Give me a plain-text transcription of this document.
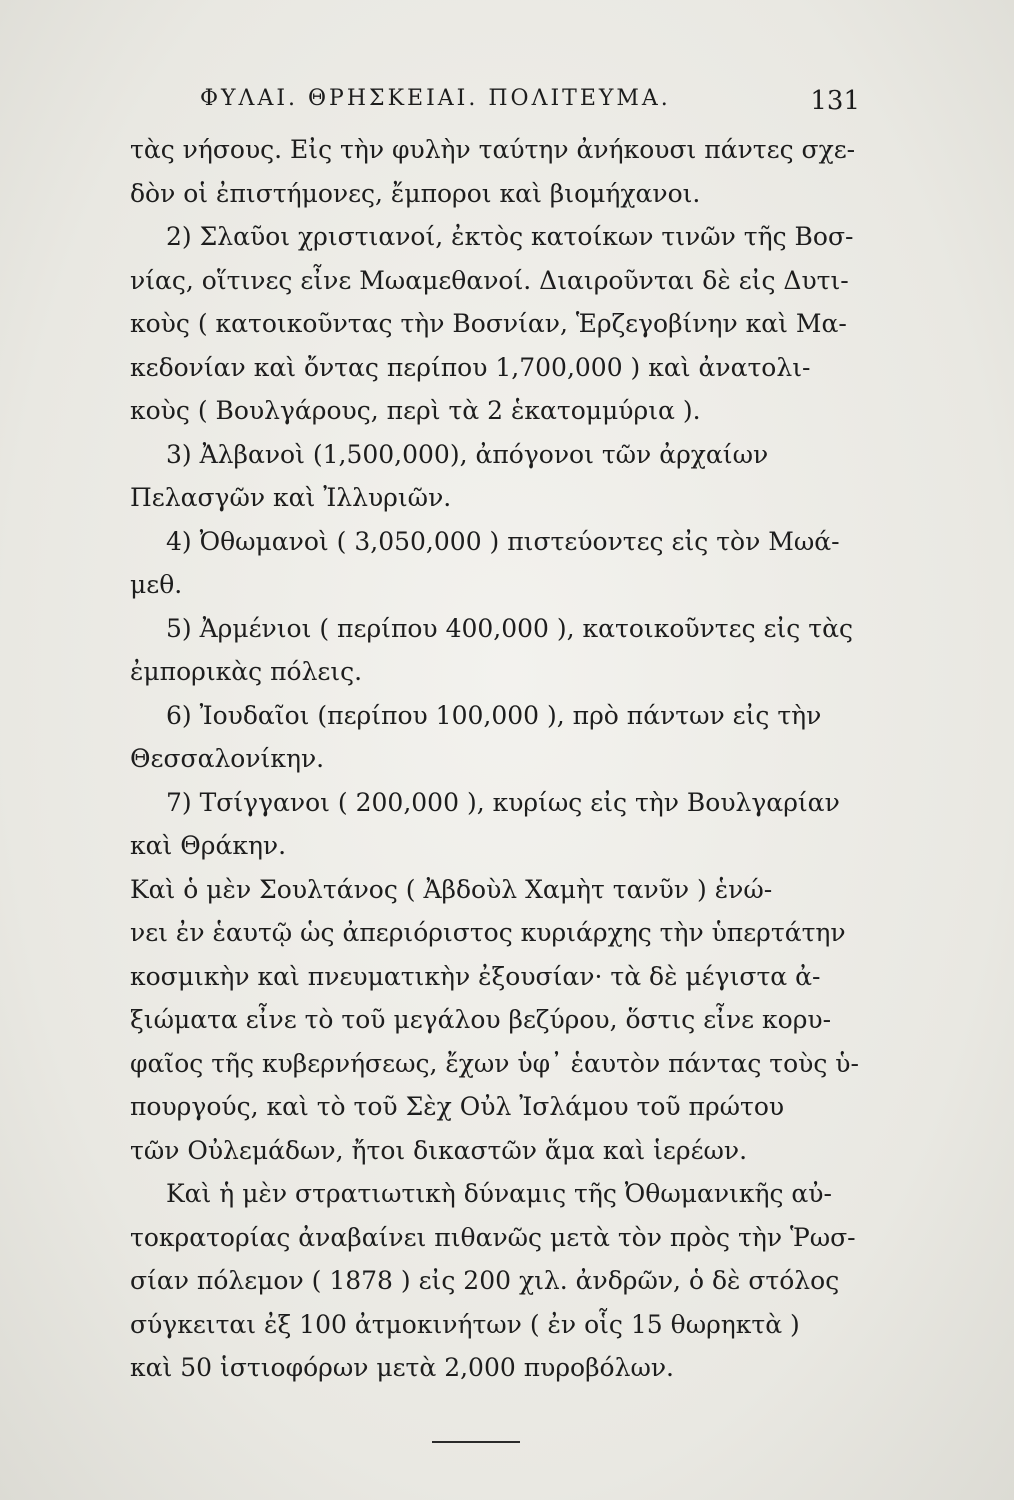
ΦΥΛΑΙ. ΘΡΗΣΚΕΙΑΙ. ΠΟΛΙΤΕΥΜΑ.	131
τὰς νήσους. Εἰς τὴν φυλὴν ταύτην ἀνήκουσι πάντες σχε-
δὸν οἱ ἐπιστήμονες, ἔμποροι καὶ βιομήχανοι.
2) Σλαῦοι χριστιανοί, ἐκτὸς κατοίκων τινῶν τῆς Βοσ-
νίας, οἵτινες εἶνε Μωαμεθανοί. Διαιροῦνται δὲ εἰς Δυτι-
κοὺς ( κατοικοῦντας τὴν Βοσνίαν, Ἑρζεγοβίνην καὶ Μα-
κεδονίαν καὶ ὄντας περίπου 1,700,000 ) καὶ ἀνατολι-
κοὺς ( Βουλγάρους, περὶ τὰ 2 ἑκατομμύρια ).
3) Ἀλβανοὶ (1,500,000), ἀπόγονοι τῶν ἀρχαίων
Πελασγῶν καὶ Ἰλλυριῶν.
4) Ὀθωμανοὶ ( 3,050,000 ) πιστεύοντες εἰς τὸν Μωά-
μεθ.
5) Ἀρμένιοι ( περίπου 400,000 ), κατοικοῦντες εἰς τὰς
ἐμπορικὰς πόλεις.
6) Ἰουδαῖοι (περίπου 100,000 ), πρὸ πάντων εἰς τὴν
Θεσσαλονίκην.
7) Τσίγγανοι ( 200,000 ), κυρίως εἰς τὴν Βουλγαρίαν
καὶ Θράκην.
Καὶ ὁ μὲν Σουλτάνος ( Ἀβδοὺλ Χαμὴτ τανῦν ) ἑνώ-
νει ἐν ἑαυτῷ ὡς ἀπεριόριστος κυριάρχης τὴν ὑπερτάτην
κοσμικὴν καὶ πνευματικὴν ἐξουσίαν· τὰ δὲ μέγιστα ἀ-
ξιώματα εἶνε τὸ τοῦ μεγάλου βεζύρου, ὅστις εἶνε κορυ-
φαῖος τῆς κυβερνήσεως, ἔχων ὑφ᾽ ἑαυτὸν πάντας τοὺς ὑ-
πουργούς, καὶ τὸ τοῦ Σὲχ Οὐλ Ἰσλάμου τοῦ πρώτου
τῶν Οὐλεμάδων, ἤτοι δικαστῶν ἅμα καὶ ἱερέων.
Καὶ ἡ μὲν στρατιωτικὴ δύναμις τῆς Ὀθωμανικῆς αὐ-
τοκρατορίας ἀναβαίνει πιθανῶς μετὰ τὸν πρὸς τὴν Ῥωσ-
σίαν πόλεμον ( 1878 ) εἰς 200 χιλ. ἀνδρῶν, ὁ δὲ στόλος
σύγκειται ἐξ 100 ἀτμοκινήτων ( ἐν οἷς 15 θωρηκτὰ )
καὶ 50 ἱστιοφόρων μετὰ 2,000 πυροβόλων.
